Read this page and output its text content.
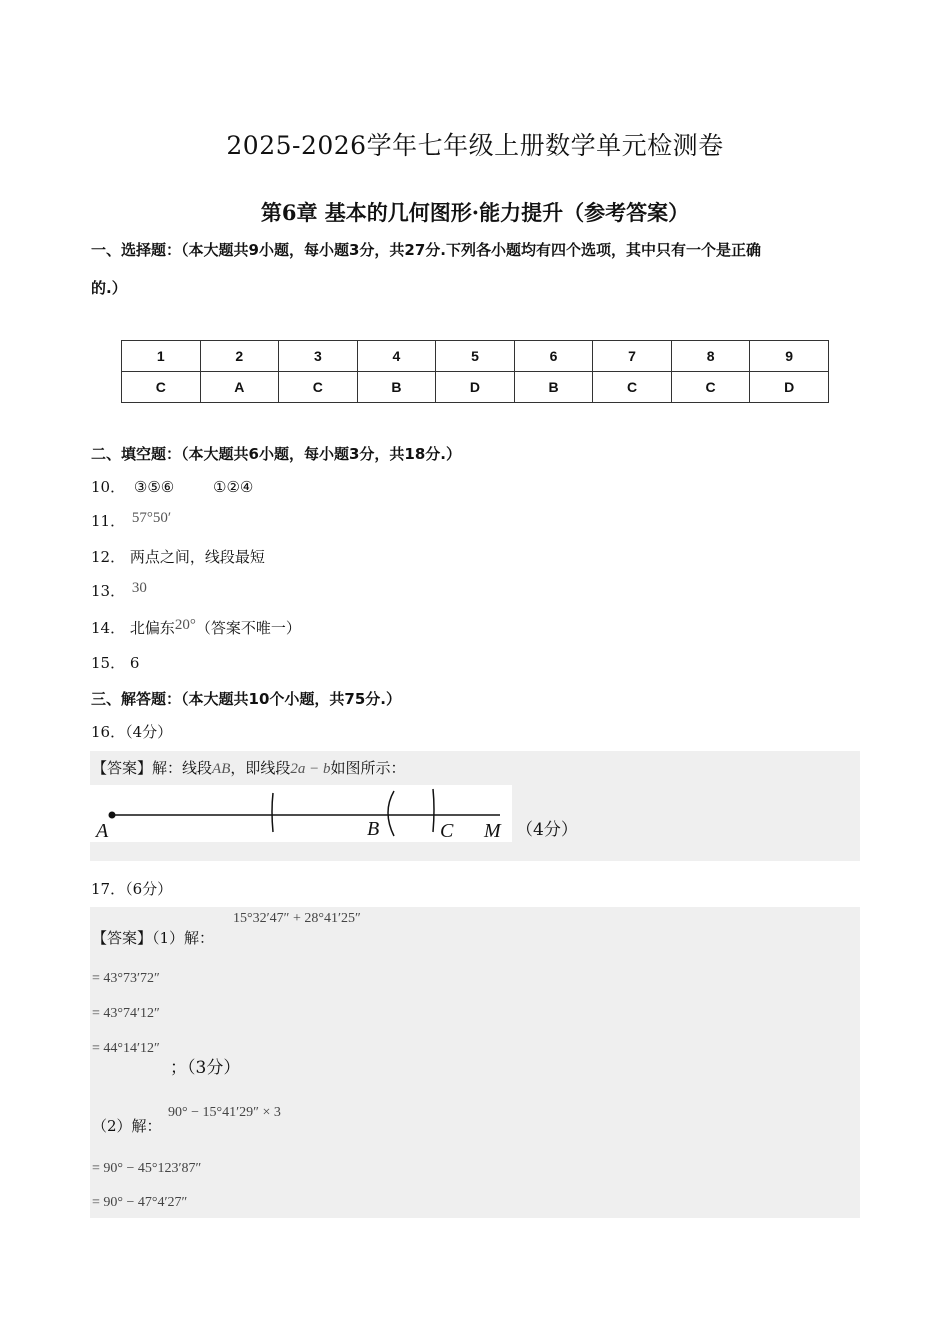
2025-2026学年七年级上册数学单元检测卷
第6章 基本的几何图形·能力提升（参考答案）
一、选择题：（本大题共9小题，每小题3分，共27分.下列各小题均有四个选项，其中只有一个是正确
的.）
1	2	3	4	5	6	7	8	9
C	A	C	B	D	B	C	C	D
二、填空题：（本大题共6小题，每小题3分，共18分.）
10． ③⑤⑥	①②④
11． 57°50′
12． 两点之间，线段最短
13． 30
14． 北偏东20°（答案不唯一）
15． 6
三、解答题：（本大题共10个小题，共75分.）
16．（4分）
【答案】解：线段AB，即线段2a − b如图所示：
A	B	C M （4分）
17．（6分）
【答案】（1）解：
15°32′47″ + 28°41′25″
= 43°73′72″
= 43°74′12″
= 44°14′12″
；（3分）
（2）解：
90° − 15°41′29″ × 3
= 90° − 45°123′87″
= 90° − 47°4′27″
